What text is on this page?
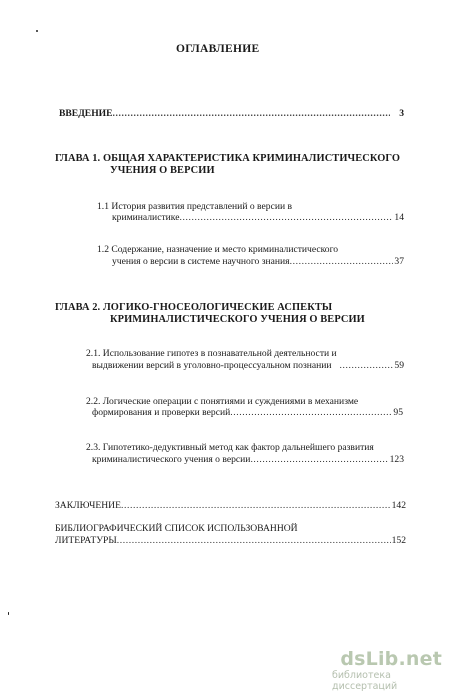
ОГЛАВЛЕНИЕ
ВВЕДЕНИЕ .....	3
ГЛАВА 1. ОБЩАЯ ХАРАКТЕРИСТИКА КРИМИНАЛИСТИЧЕСКОГО
УЧЕНИЯ О ВЕРСИИ
1.1 История развития представлений о версии в
криминалистике .....	14
1.2 Содержание, назначение и место криминалистического
учения о версии в системе научного знания .....	37
ГЛАВА 2. ЛОГИКО-ГНОСЕОЛОГИЧЕСКИЕ АСПЕКТЫ
КРИМИНАЛИСТИЧЕСКОГО УЧЕНИЯ О ВЕРСИИ
2.1. Использование гипотез в познавательной деятельности и
выдвижении версий в уголовно-процессуальном познании .....	59
2.2. Логические операции с понятиями и суждениями в механизме
формирования и проверки версий .....	95
2.3. Гипотетико-дедуктивный метод как фактор дальнейшего развития
криминалистического учения о версии .....	123
ЗАКЛЮЧЕНИЕ .....	142
БИБЛИОГРАФИЧЕСКИЙ СПИСОК ИСПОЛЬЗОВАННОЙ
ЛИТЕРАТУРЫ .....	152
dsLib.net
библиотека диссертаций
